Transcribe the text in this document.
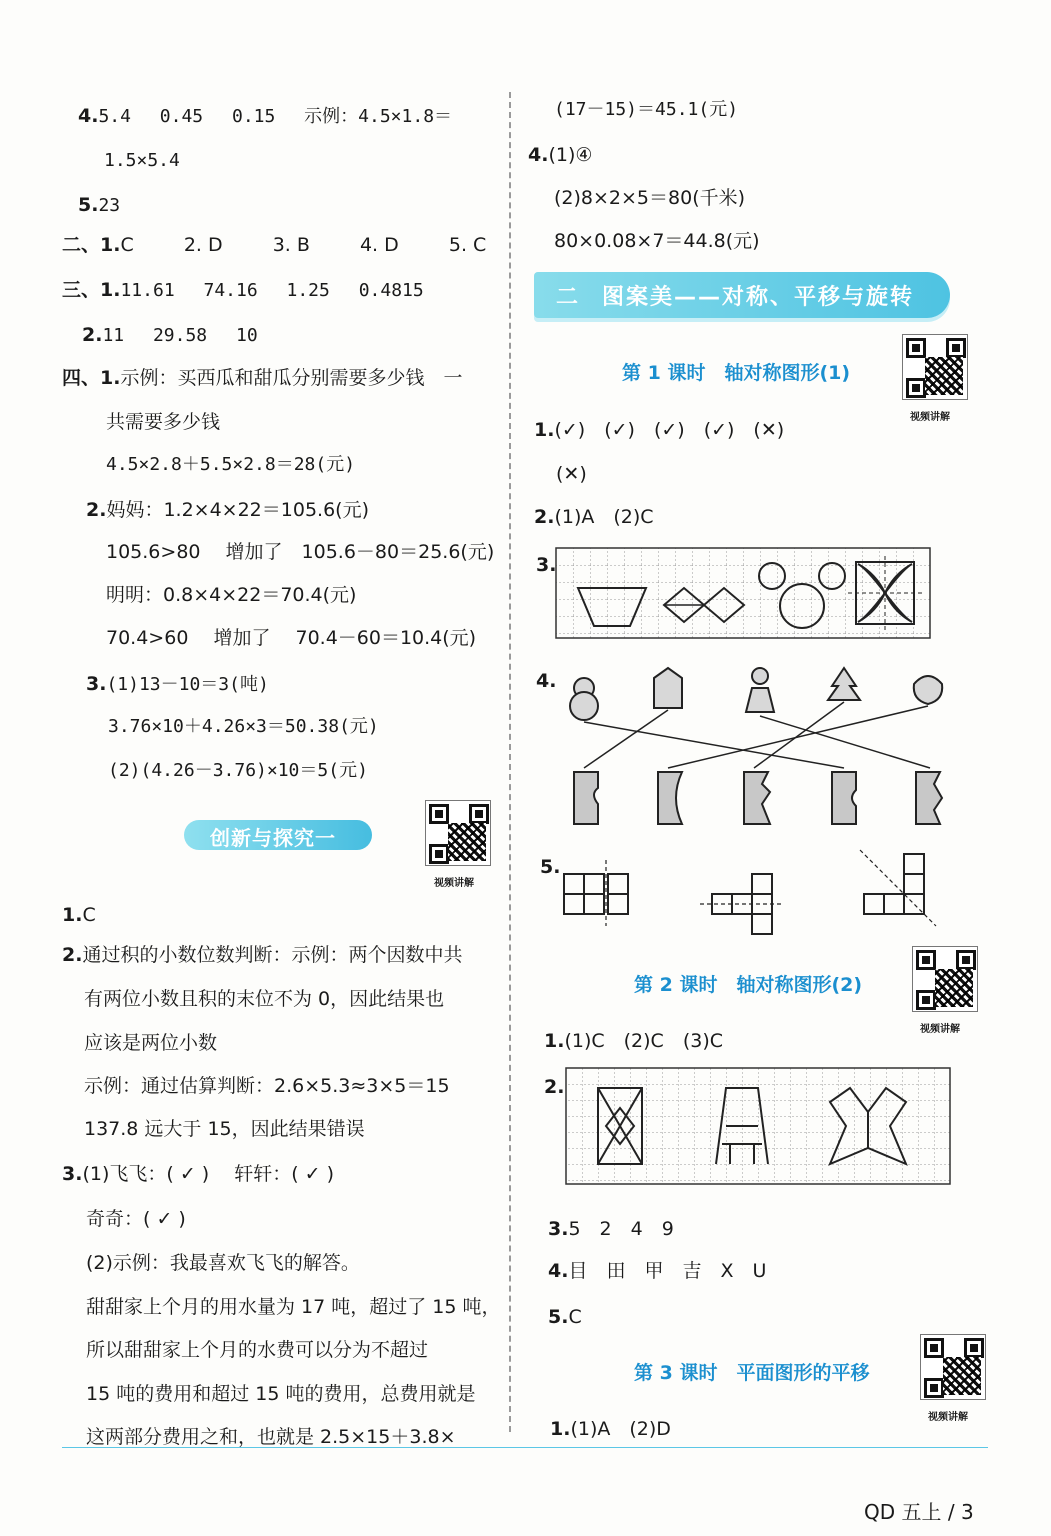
4.5.4　 0.45　 0.15　 示例：4.5×1.8＝
1.5×5.4
5.23
二、1.C　 　 2. D　 　 3. B　 　 4. D　 　 5. C
三、1.11.61　 74.16　 1.25　 0.4815
2.11　 29.58　 10
四、1.示例：买西瓜和甜瓜分别需要多少钱　一
共需要多少钱
4.5×2.8＋5.5×2.8＝28(元)
2.妈妈：1.2×4×22＝105.6(元)
105.6>80　 增加了　105.6－80＝25.6(元)
明明：0.8×4×22＝70.4(元)
70.4>60　 增加了　 70.4－60＝10.4(元)
3.(1)13－10＝3(吨)
3.76×10＋4.26×3＝50.38(元)
(2)(4.26－3.76)×10＝5(元)
创新与探究一
视频讲解
1.C
2.通过积的小数位数判断：示例：两个因数中共
有两位小数且积的末位不为 0，因此结果也
应该是两位小数
示例：通过估算判断：2.6×5.3≈3×5＝15
137.8 远大于 15，因此结果错误
3.(1)飞飞：( ✓ )　 轩轩：( ✓ )
奇奇：( ✓ )
(2)示例：我最喜欢飞飞的解答。
甜甜家上个月的用水量为 17 吨，超过了 15 吨，
所以甜甜家上个月的水费可以分为不超过
15 吨的费用和超过 15 吨的费用，总费用就是
这两部分费用之和，也就是 2.5×15＋3.8×
(17－15)＝45.1(元)
4.(1)④
(2)8×2×5＝80(千米)
80×0.08×7＝44.8(元)
二 图案美——对称、平移与旋转
第 1 课时　轴对称图形(1)
视频讲解
1.(✓)　(✓)　(✓)　(✓)　(✕)
(✕)
2.(1)A　(2)C
3.
4.
5.
第 2 课时　轴对称图形(2)
视频讲解
1.(1)C　(2)C　(3)C
2.
3.5　2　4　9
4.目　田　甲　吉　X　U
5.C
第 3 课时　平面图形的平移
视频讲解
1.(1)A　(2)D
QD 五上 / 3
